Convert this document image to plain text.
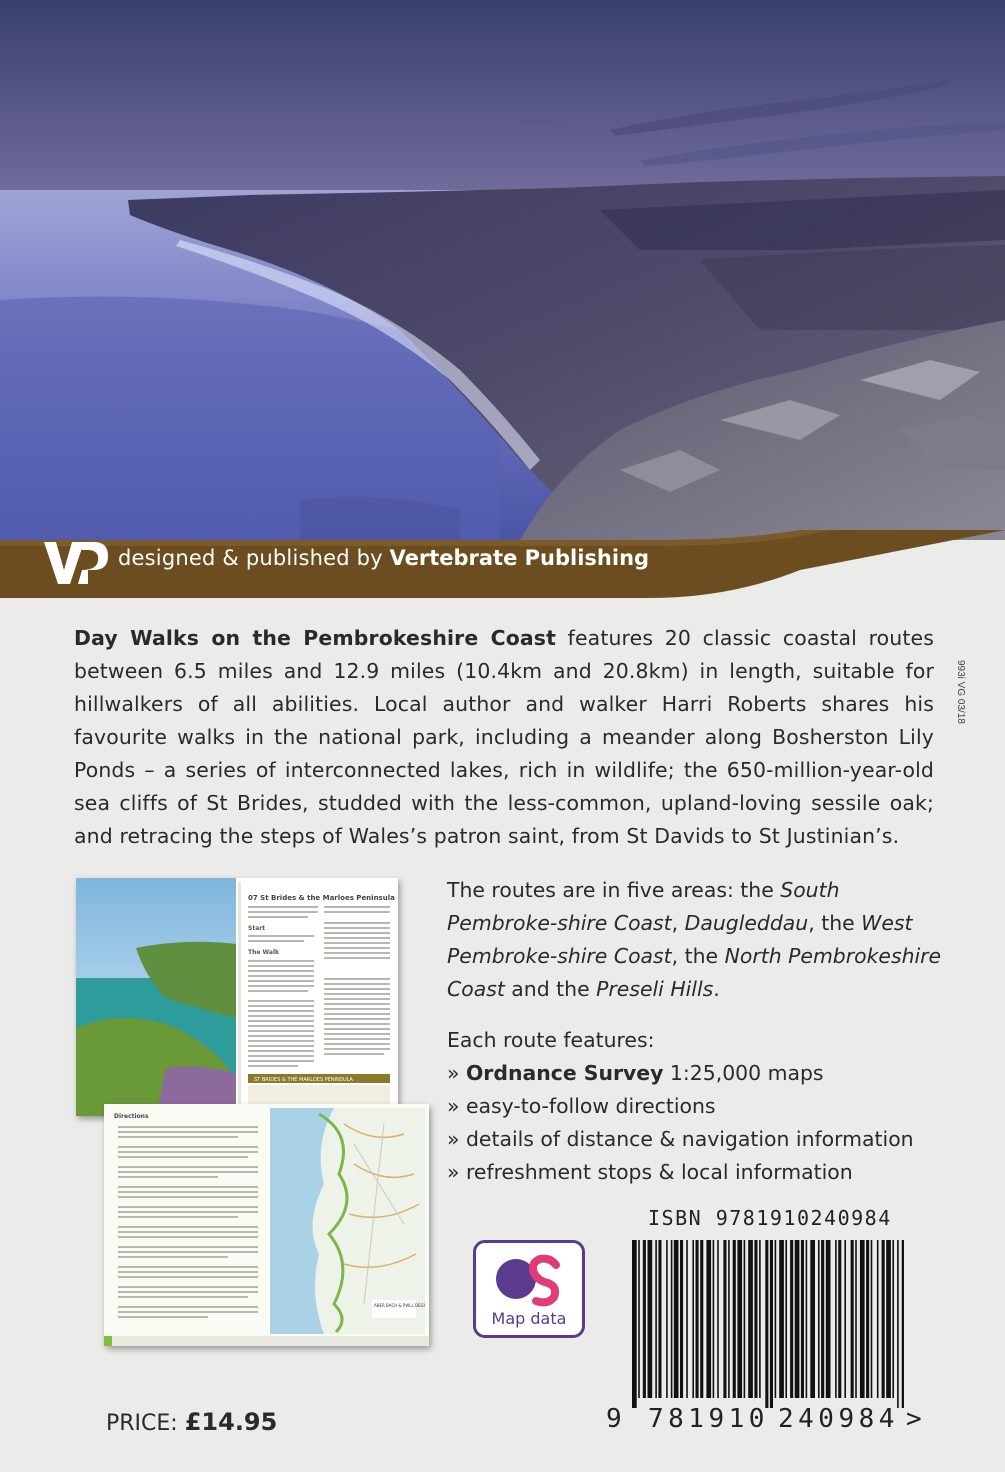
designed & published by Vertebrate Publishing
993i VG 03/18
Day Walks on the Pembrokeshire Coast features 20 classic coastal routes between 6.5 miles and 12.9 miles (10.4km and 20.8km) in length, suitable for hillwalkers of all abilities. Local author and walker Harri Roberts shares his favourite walks in the national park, including a meander along Bosherston Lily Ponds – a series of interconnected lakes, rich in wildlife; the 650-million-year-old sea cliffs of St Brides, studded with the less-common, upland-loving sessile oak; and retracing the steps of Wales’s patron saint, from St Davids to St Justinian’s.
07 St Brides & the Marloes Peninsula
Start
The Walk
ST BRIDES & THE MARLOES PENINSULA
Directions
ABER BACH & PWLL DEGI

The routes are in five areas: the South Pembroke-shire Coast, Daugleddau, the West Pembroke-shire Coast, the North Pembrokeshire Coast and the Preseli Hills.

Each route features:
» Ordnance Survey 1:25,000 maps
» easy-to-follow directions
» details of distance & navigation information
» refreshment stops & local information
Map data
ISBN 9781910240984
9 781910 240984 >
PRICE: £14.95
